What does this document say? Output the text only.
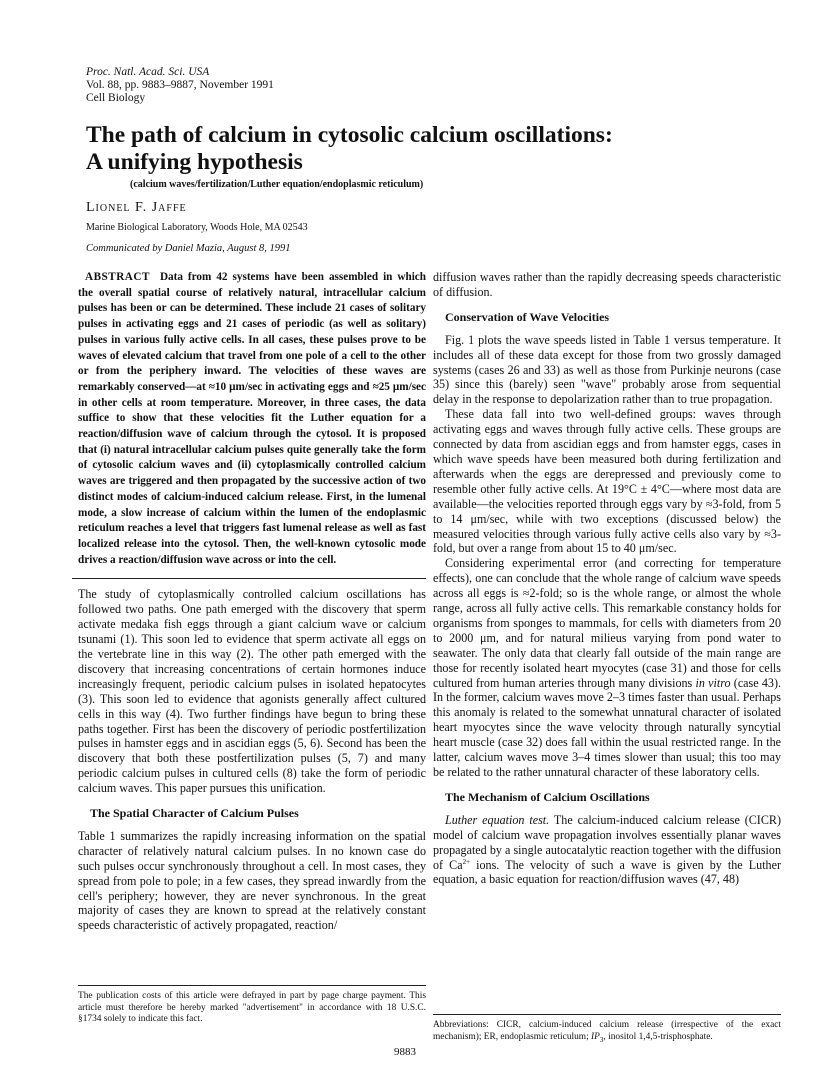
Proc. Natl. Acad. Sci. USA
Vol. 88, pp. 9883–9887, November 1991
Cell Biology
The path of calcium in cytosolic calcium oscillations:
A unifying hypothesis
(calcium waves/fertilization/Luther equation/endoplasmic reticulum)
Lionel F. Jaffe
Marine Biological Laboratory, Woods Hole, MA 02543
Communicated by Daniel Mazia, August 8, 1991

ABSTRACT Data from 42 systems have been assembled in which the overall spatial course of relatively natural, intracellular calcium pulses has been or can be determined. These include 21 cases of solitary pulses in activating eggs and 21 cases of periodic (as well as solitary) pulses in various fully active cells. In all cases, these pulses prove to be waves of elevated calcium that travel from one pole of a cell to the other or from the periphery inward. The velocities of these waves are remarkably conserved—at ≈10 μm/sec in activating eggs and ≈25 μm/sec in other cells at room temperature. Moreover, in three cases, the data suffice to show that these velocities fit the Luther equation for a reaction/diffusion wave of calcium through the cytosol. It is proposed that (i) natural intracellular calcium pulses quite generally take the form of cytosolic calcium waves and (ii) cytoplasmically controlled calcium waves are triggered and then propagated by the successive action of two distinct modes of calcium-induced calcium release. First, in the lumenal mode, a slow increase of calcium within the lumen of the endoplasmic reticulum reaches a level that triggers fast lumenal release as well as fast localized release into the cytosol. Then, the well-known cytosolic mode drives a reaction/diffusion wave across or into the cell.

The study of cytoplasmically controlled calcium oscillations has followed two paths. One path emerged with the discovery that sperm activate medaka fish eggs through a giant calcium wave or calcium tsunami (1). This soon led to evidence that sperm activate all eggs on the vertebrate line in this way (2). The other path emerged with the discovery that increasing concentrations of certain hormones induce increasingly frequent, periodic calcium pulses in isolated hepatocytes (3). This soon led to evidence that agonists generally affect cultured cells in this way (4). Two further findings have begun to bring these paths together. First has been the discovery of periodic postfertilization pulses in hamster eggs and in ascidian eggs (5, 6). Second has been the discovery that both these postfertilization pulses (5, 7) and many periodic calcium pulses in cultured cells (8) take the form of periodic calcium waves. This paper pursues this unification.

The Spatial Character of Calcium Pulses

Table 1 summarizes the rapidly increasing information on the spatial character of relatively natural calcium pulses. In no known case do such pulses occur synchronously throughout a cell. In most cases, they spread from pole to pole; in a few cases, they spread inwardly from the cell's periphery; however, they are never synchronous. In the great majority of cases they are known to spread at the relatively constant speeds characteristic of actively propagated, reaction/

The publication costs of this article were defrayed in part by page charge payment. This article must therefore be hereby marked "advertisement" in accordance with 18 U.S.C. §1734 solely to indicate this fact.

diffusion waves rather than the rapidly decreasing speeds characteristic of diffusion.

Conservation of Wave Velocities

Fig. 1 plots the wave speeds listed in Table 1 versus temperature. It includes all of these data except for those from two grossly damaged systems (cases 26 and 33) as well as those from Purkinje neurons (case 35) since this (barely) seen "wave" probably arose from sequential delay in the response to depolarization rather than to true propagation.

These data fall into two well-defined groups: waves through activating eggs and waves through fully active cells. These groups are connected by data from ascidian eggs and from hamster eggs, cases in which wave speeds have been measured both during fertilization and afterwards when the eggs are derepressed and previously come to resemble other fully active cells. At 19°C ± 4°C—where most data are available—the velocities reported through eggs vary by ≈3-fold, from 5 to 14 μm/sec, while with two exceptions (discussed below) the measured velocities through various fully active cells also vary by ≈3-fold, but over a range from about 15 to 40 μm/sec.

Considering experimental error (and correcting for temperature effects), one can conclude that the whole range of calcium wave speeds across all eggs is ≈2-fold; so is the whole range, or almost the whole range, across all fully active cells. This remarkable constancy holds for organisms from sponges to mammals, for cells with diameters from 20 to 2000 μm, and for natural milieus varying from pond water to seawater. The only data that clearly fall outside of the main range are those for recently isolated heart myocytes (case 31) and those for cells cultured from human arteries through many divisions in vitro (case 43). In the former, calcium waves move 2–3 times faster than usual. Perhaps this anomaly is related to the somewhat unnatural character of isolated heart myocytes since the wave velocity through naturally syncytial heart muscle (case 32) does fall within the usual restricted range. In the latter, calcium waves move 3–4 times slower than usual; this too may be related to the rather unnatural character of these laboratory cells.

The Mechanism of Calcium Oscillations

Luther equation test. The calcium-induced calcium release (CICR) model of calcium wave propagation involves essentially planar waves propagated by a single autocatalytic reaction together with the diffusion of $Ca^{2+}$ ions. The velocity of such a wave is given by the Luther equation, a basic equation for reaction/diffusion waves (47, 48)

Abbreviations: CICR, calcium-induced calcium release (irrespective of the exact mechanism); ER, endoplasmic reticulum; $IP_3$, inositol 1,4,5-trisphosphate.

9883
